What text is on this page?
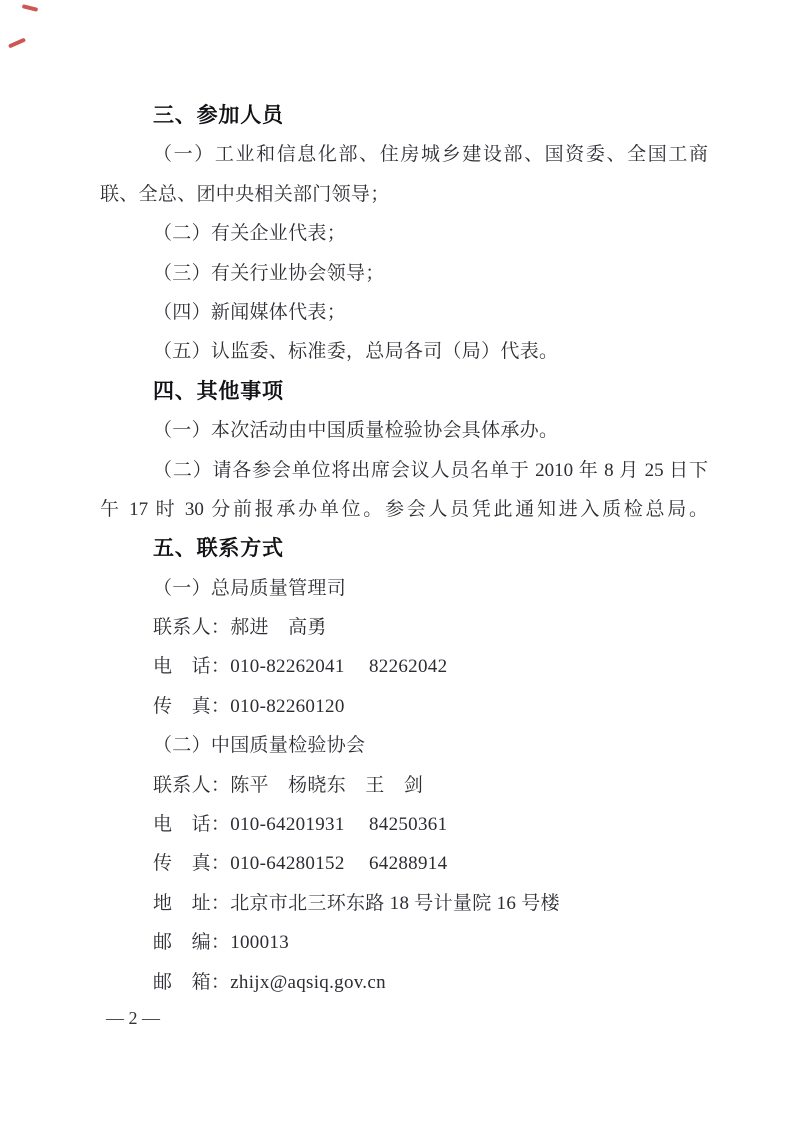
三、参加人员
（一）工业和信息化部、住房城乡建设部、国资委、全国工商
联、全总、团中央相关部门领导；
（二）有关企业代表；
（三）有关行业协会领导；
（四）新闻媒体代表；
（五）认监委、标准委，总局各司（局）代表。
四、其他事项
（一）本次活动由中国质量检验协会具体承办。
（二）请各参会单位将出席会议人员名单于 2010 年 8 月 25 日下
午 17 时 30 分前报承办单位。参会人员凭此通知进入质检总局。
五、联系方式
（一）总局质量管理司
联系人：郝进　高勇
电　话：010-82262041　 82262042
传　真：010-82260120
（二）中国质量检验协会
联系人：陈平　杨晓东　王　剑
电　话：010-64201931　 84250361
传　真：010-64280152　 64288914
地　址：北京市北三环东路 18 号计量院 16 号楼
邮　编：100013
邮　箱：zhijx@aqsiq.gov.cn
— 2 —
